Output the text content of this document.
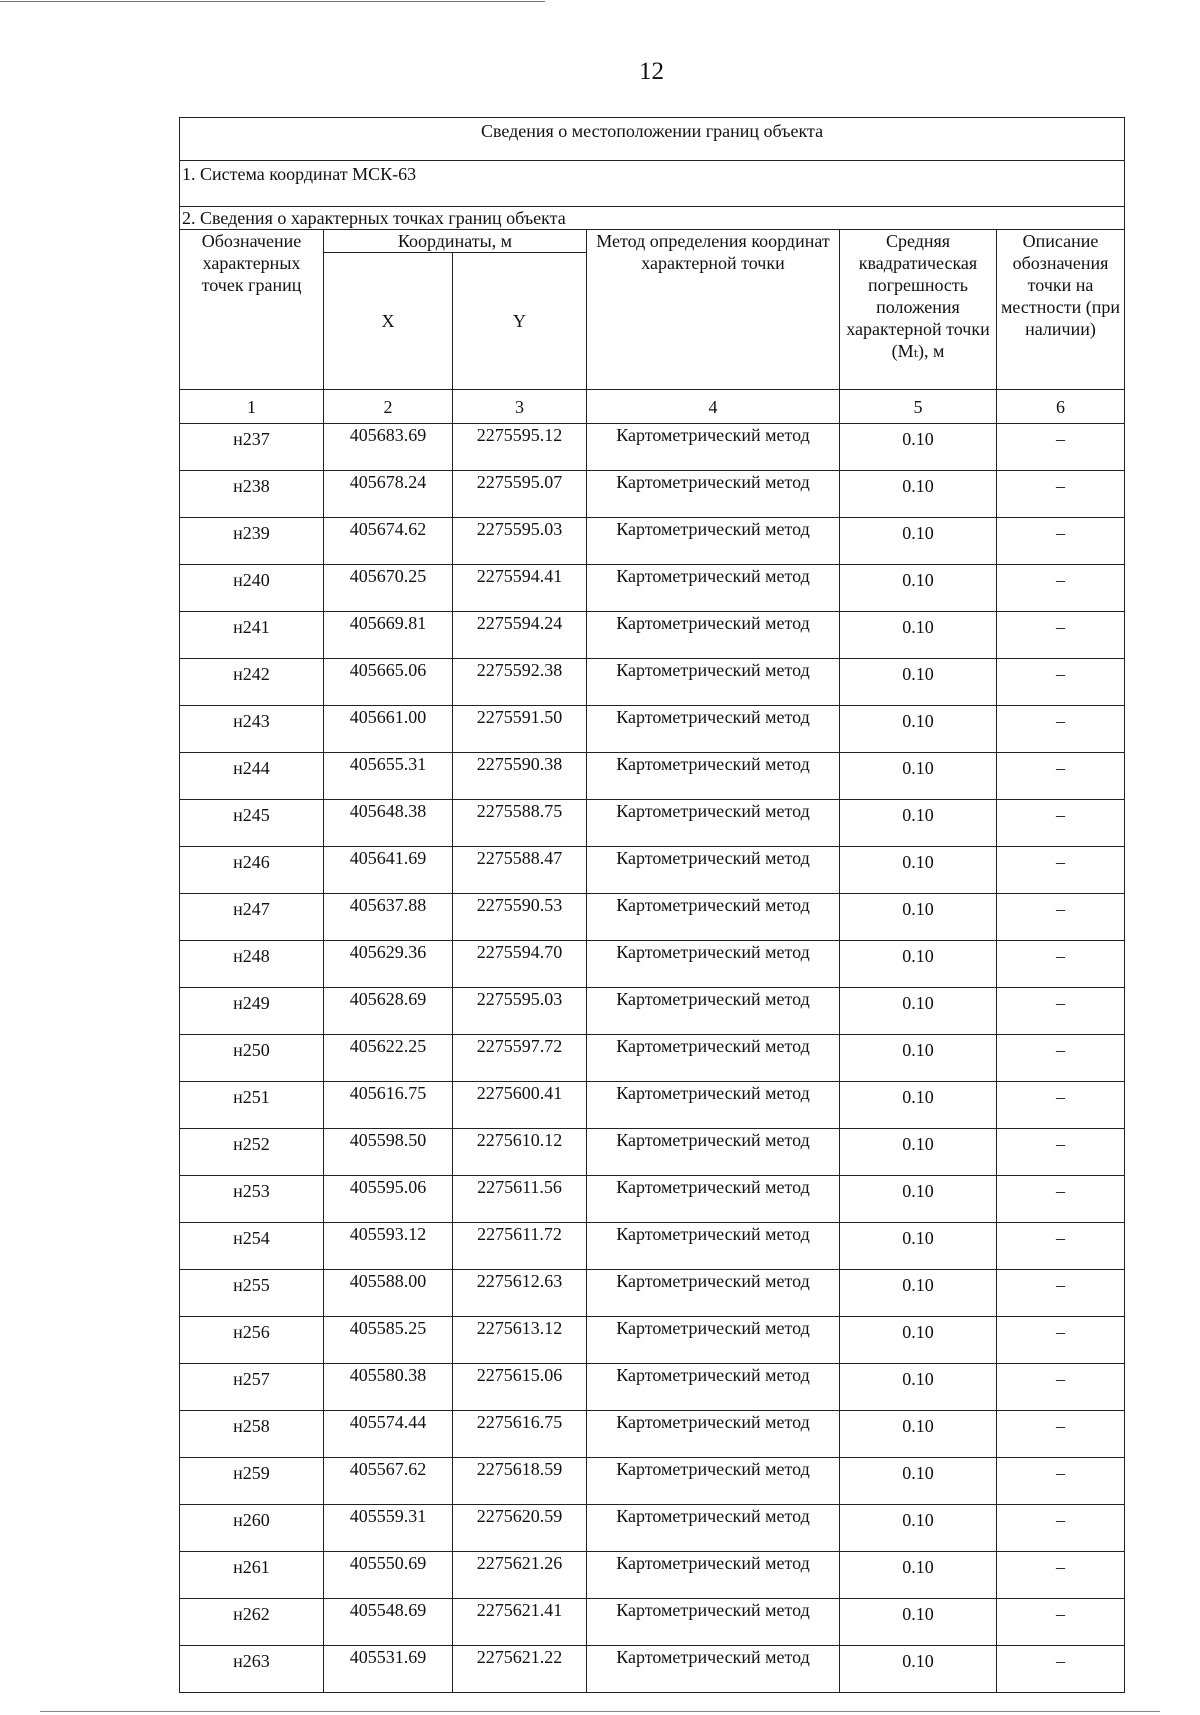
12
Сведения о местоположении границ объекта					
1. Система координат МСК-63					
2. Сведения о характерных точках границ объекта					
Обозначение характерных точек границ	Координаты, м		Метод определения координат характерной точки	Средняя квадратическая погрешность положения характерной точки (Mₜ), м	Описание обозначения точки на местности (при наличии)
	X	Y			
1	2	3	4	5	6
н237	405683.69	2275595.12	Картометрический метод	0.10	–
н238	405678.24	2275595.07	Картометрический метод	0.10	–
н239	405674.62	2275595.03	Картометрический метод	0.10	–
н240	405670.25	2275594.41	Картометрический метод	0.10	–
н241	405669.81	2275594.24	Картометрический метод	0.10	–
н242	405665.06	2275592.38	Картометрический метод	0.10	–
н243	405661.00	2275591.50	Картометрический метод	0.10	–
н244	405655.31	2275590.38	Картометрический метод	0.10	–
н245	405648.38	2275588.75	Картометрический метод	0.10	–
н246	405641.69	2275588.47	Картометрический метод	0.10	–
н247	405637.88	2275590.53	Картометрический метод	0.10	–
н248	405629.36	2275594.70	Картометрический метод	0.10	–
н249	405628.69	2275595.03	Картометрический метод	0.10	–
н250	405622.25	2275597.72	Картометрический метод	0.10	–
н251	405616.75	2275600.41	Картометрический метод	0.10	–
н252	405598.50	2275610.12	Картометрический метод	0.10	–
н253	405595.06	2275611.56	Картометрический метод	0.10	–
н254	405593.12	2275611.72	Картометрический метод	0.10	–
н255	405588.00	2275612.63	Картометрический метод	0.10	–
н256	405585.25	2275613.12	Картометрический метод	0.10	–
н257	405580.38	2275615.06	Картометрический метод	0.10	–
н258	405574.44	2275616.75	Картометрический метод	0.10	–
н259	405567.62	2275618.59	Картометрический метод	0.10	–
н260	405559.31	2275620.59	Картометрический метод	0.10	–
н261	405550.69	2275621.26	Картометрический метод	0.10	–
н262	405548.69	2275621.41	Картометрический метод	0.10	–
н263	405531.69	2275621.22	Картометрический метод	0.10	–
